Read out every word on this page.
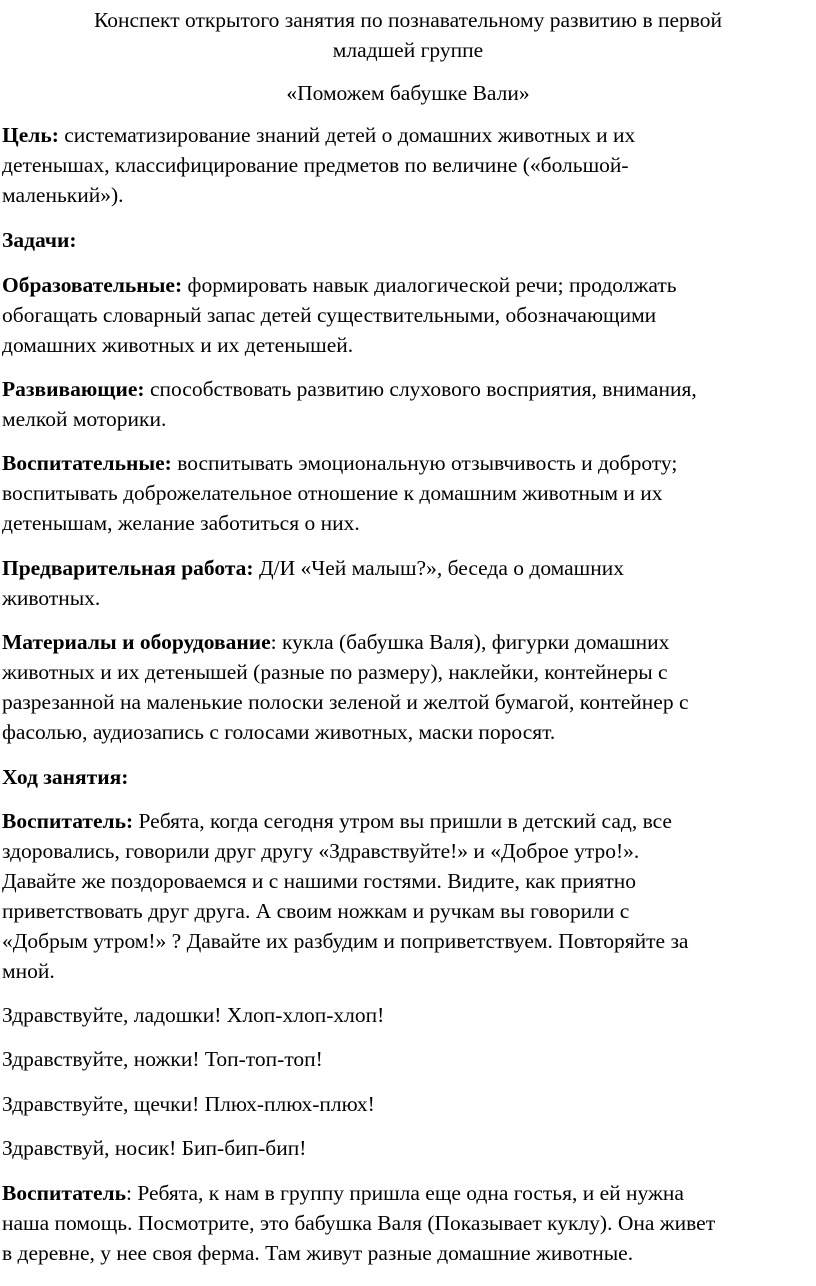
Конспект открытого занятия по познавательному развитию в первой
младшей группе
«Поможем бабушке Вали»
Цель: систематизирование знаний детей о домашних животных и их
детенышах, классифицирование предметов по величине («большой-
маленький»).
Задачи:
Образовательные: формировать навык диалогической речи; продолжать
обогащать словарный запас детей существительными, обозначающими
домашних животных и их детенышей.
Развивающие: способствовать развитию слухового восприятия, внимания,
мелкой моторики.
Воспитательные: воспитывать эмоциональную отзывчивость и доброту;
воспитывать доброжелательное отношение к домашним животным и их
детенышам, желание заботиться о них.
Предварительная работа: Д/И «Чей малыш?», беседа о домашних
животных.
Материалы и оборудование: кукла (бабушка Валя), фигурки домашних
животных и их детенышей (разные по размеру), наклейки, контейнеры с
разрезанной на маленькие полоски зеленой и желтой бумагой, контейнер с
фасолью, аудиозапись с голосами животных, маски поросят.
Ход занятия:
Воспитатель: Ребята, когда сегодня утром вы пришли в детский сад, все
здоровались, говорили друг другу «Здравствуйте!» и «Доброе утро!».
Давайте же поздороваемся и с нашими гостями. Видите, как приятно
приветствовать друг друга. А своим ножкам и ручкам вы говорили с
«Добрым утром!» ? Давайте их разбудим и поприветствуем. Повторяйте за
мной.
Здравствуйте, ладошки! Хлоп-хлоп-хлоп!
Здравствуйте, ножки! Топ-топ-топ!
Здравствуйте, щечки! Плюх-плюх-плюх!
Здравствуй, носик! Бип-бип-бип!
Воспитатель: Ребята, к нам в группу пришла еще одна гостья, и ей нужна
наша помощь. Посмотрите, это бабушка Валя (Показывает куклу). Она живет
в деревне, у нее своя ферма. Там живут разные домашние животные.
